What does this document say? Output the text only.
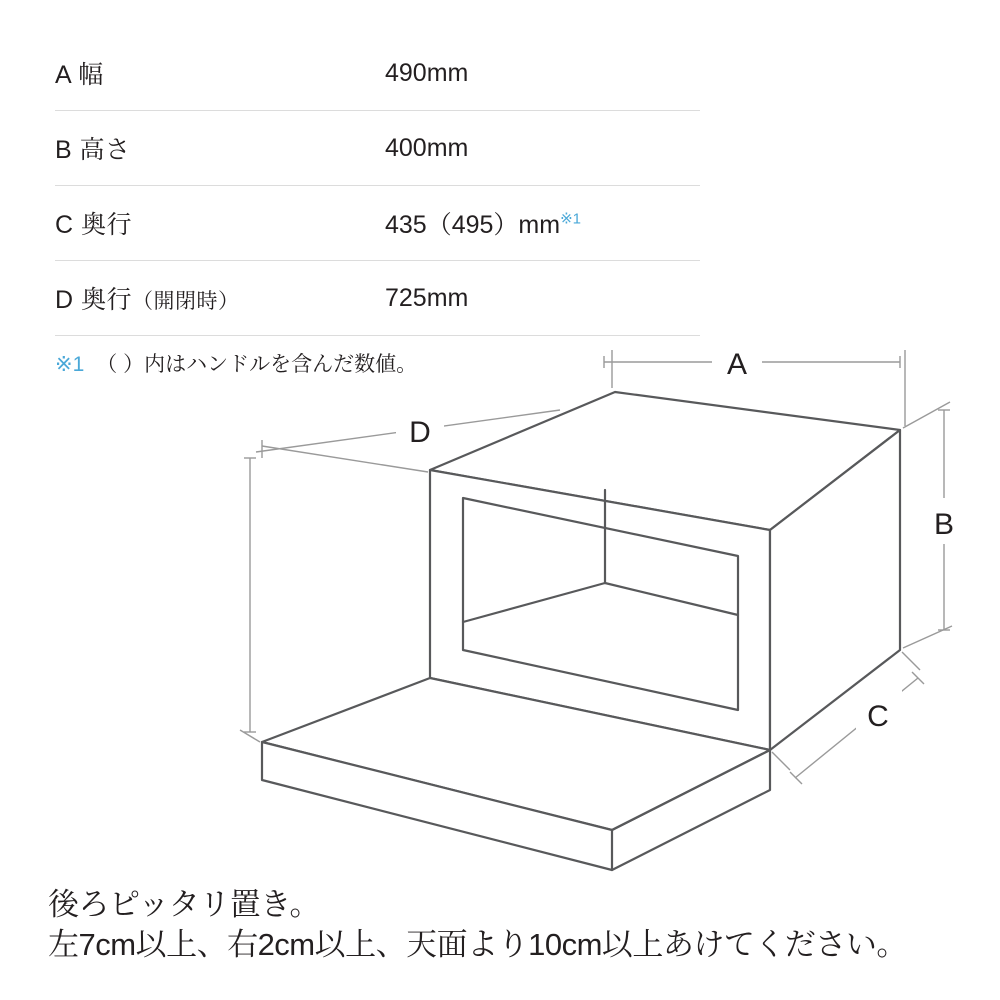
A 幅	490mm
B 高さ	400mm
C 奥行	435（495）mm$^{※1}$
D 奥行（開閉時）	725mm
※1 （ ）内はハンドルを含んだ数値。	A
B
C
D
後ろピッタリ置き。
左7cm以上、右2cm以上、天面より10cm以上あけてください。
